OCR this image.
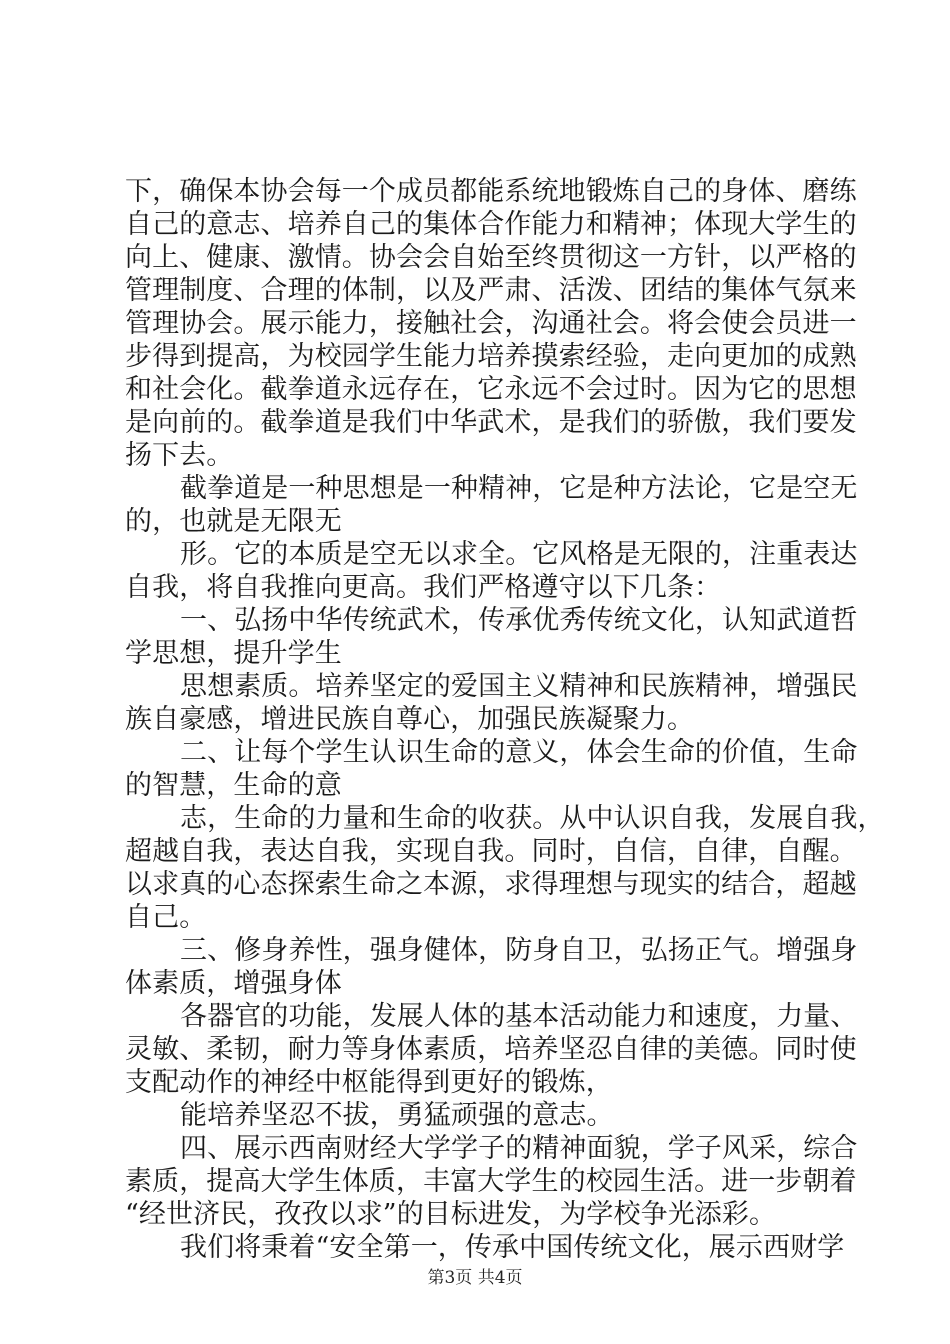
下，确保本协会每一个成员都能系统地锻炼自己的身体、磨练
自己的意志、培养自己的集体合作能力和精神；体现大学生的
向上、健康、激情。协会会自始至终贯彻这一方针，以严格的
管理制度、合理的体制，以及严肃、活泼、团结的集体气氛来
管理协会。展示能力，接触社会，沟通社会。将会使会员进一
步得到提高，为校园学生能力培养摸索经验，走向更加的成熟
和社会化。截拳道永远存在，它永远不会过时。因为它的思想
是向前的。截拳道是我们中华武术，是我们的骄傲，我们要发
扬下去。
截拳道是一种思想是一种精神，它是种方法论，它是空无
的，也就是无限无
形。它的本质是空无以求全。它风格是无限的，注重表达
自我，将自我推向更高。我们严格遵守以下几条：
一、弘扬中华传统武术，传承优秀传统文化，认知武道哲
学思想，提升学生
思想素质。培养坚定的爱国主义精神和民族精神，增强民
族自豪感，增进民族自尊心，加强民族凝聚力。
二、让每个学生认识生命的意义，体会生命的价值，生命
的智慧，生命的意
志，生命的力量和生命的收获。从中认识自我，发展自我，
超越自我，表达自我，实现自我。同时，自信，自律，自醒。
以求真的心态探索生命之本源，求得理想与现实的结合，超越
自己。
三、修身养性，强身健体，防身自卫，弘扬正气。增强身
体素质，增强身体
各器官的功能，发展人体的基本活动能力和速度，力量、
灵敏、柔韧，耐力等身体素质，培养坚忍自律的美德。同时使
支配动作的神经中枢能得到更好的锻炼，
能培养坚忍不拔，勇猛顽强的意志。
四、展示西南财经大学学子的精神面貌，学子风采，综合
素质，提高大学生体质，丰富大学生的校园生活。进一步朝着
“经世济民，孜孜以求”的目标进发，为学校争光添彩。
我们将秉着“安全第一，传承中国传统文化，展示西财学
第3页 共4页
